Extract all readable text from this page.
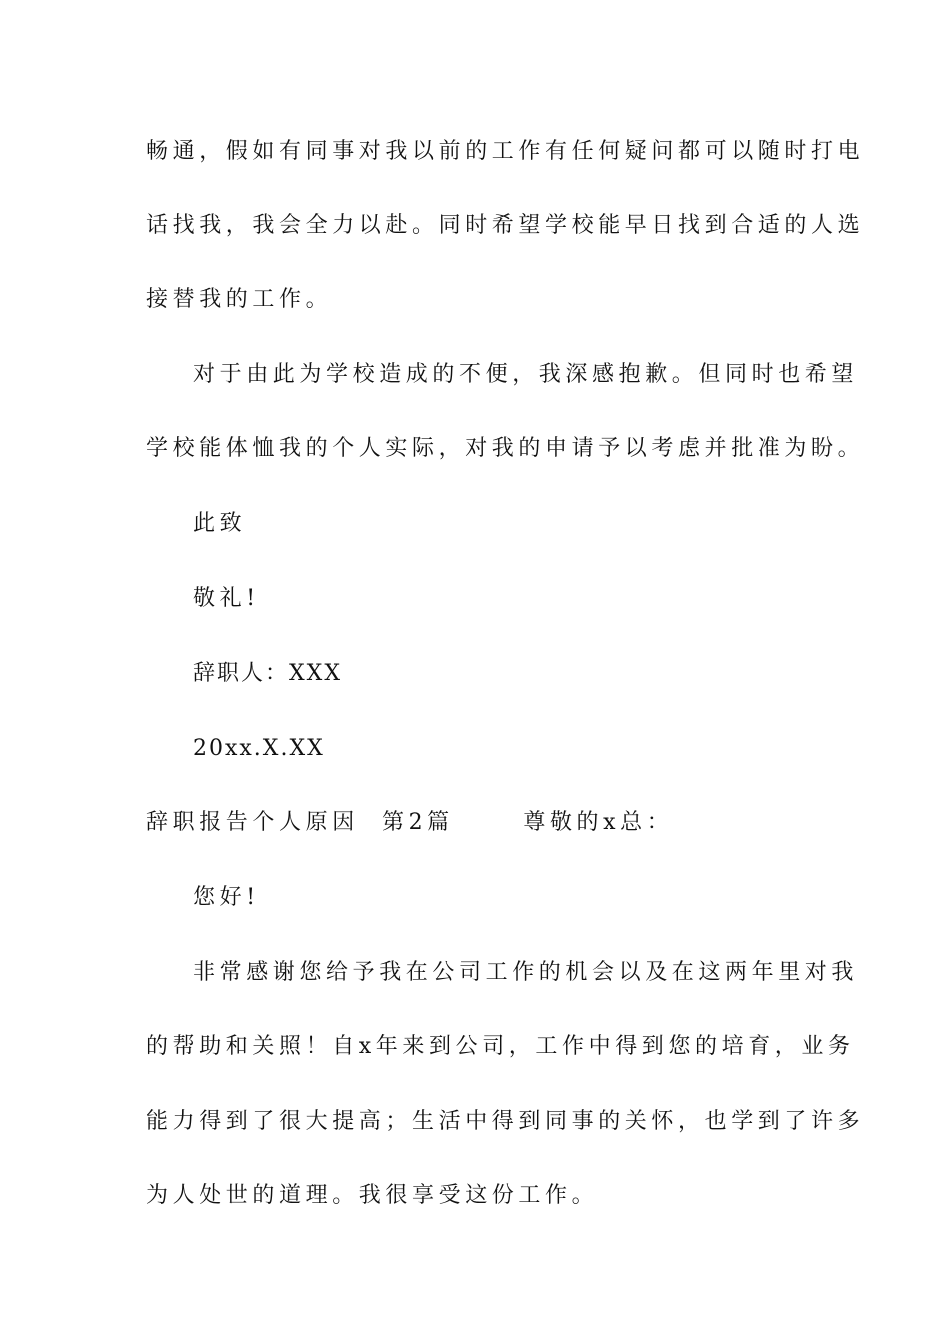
畅通，假如有同事对我以前的工作有任何疑问都可以随时打电
话找我，我会全力以赴。同时希望学校能早日找到合适的人选
接替我的工作。
对于由此为学校造成的不便，我深感抱歉。但同时也希望
学校能体恤我的个人实际，对我的申请予以考虑并批准为盼。
此致
敬礼!
辞职人：XXX
20xx.X.XX
辞职报告个人原因  第2篇      尊敬的x总：
您好!
非常感谢您给予我在公司工作的机会以及在这两年里对我
的帮助和关照！自x年来到公司，工作中得到您的培育，业务
能力得到了很大提高；生活中得到同事的关怀，也学到了许多
为人处世的道理。我很享受这份工作。
